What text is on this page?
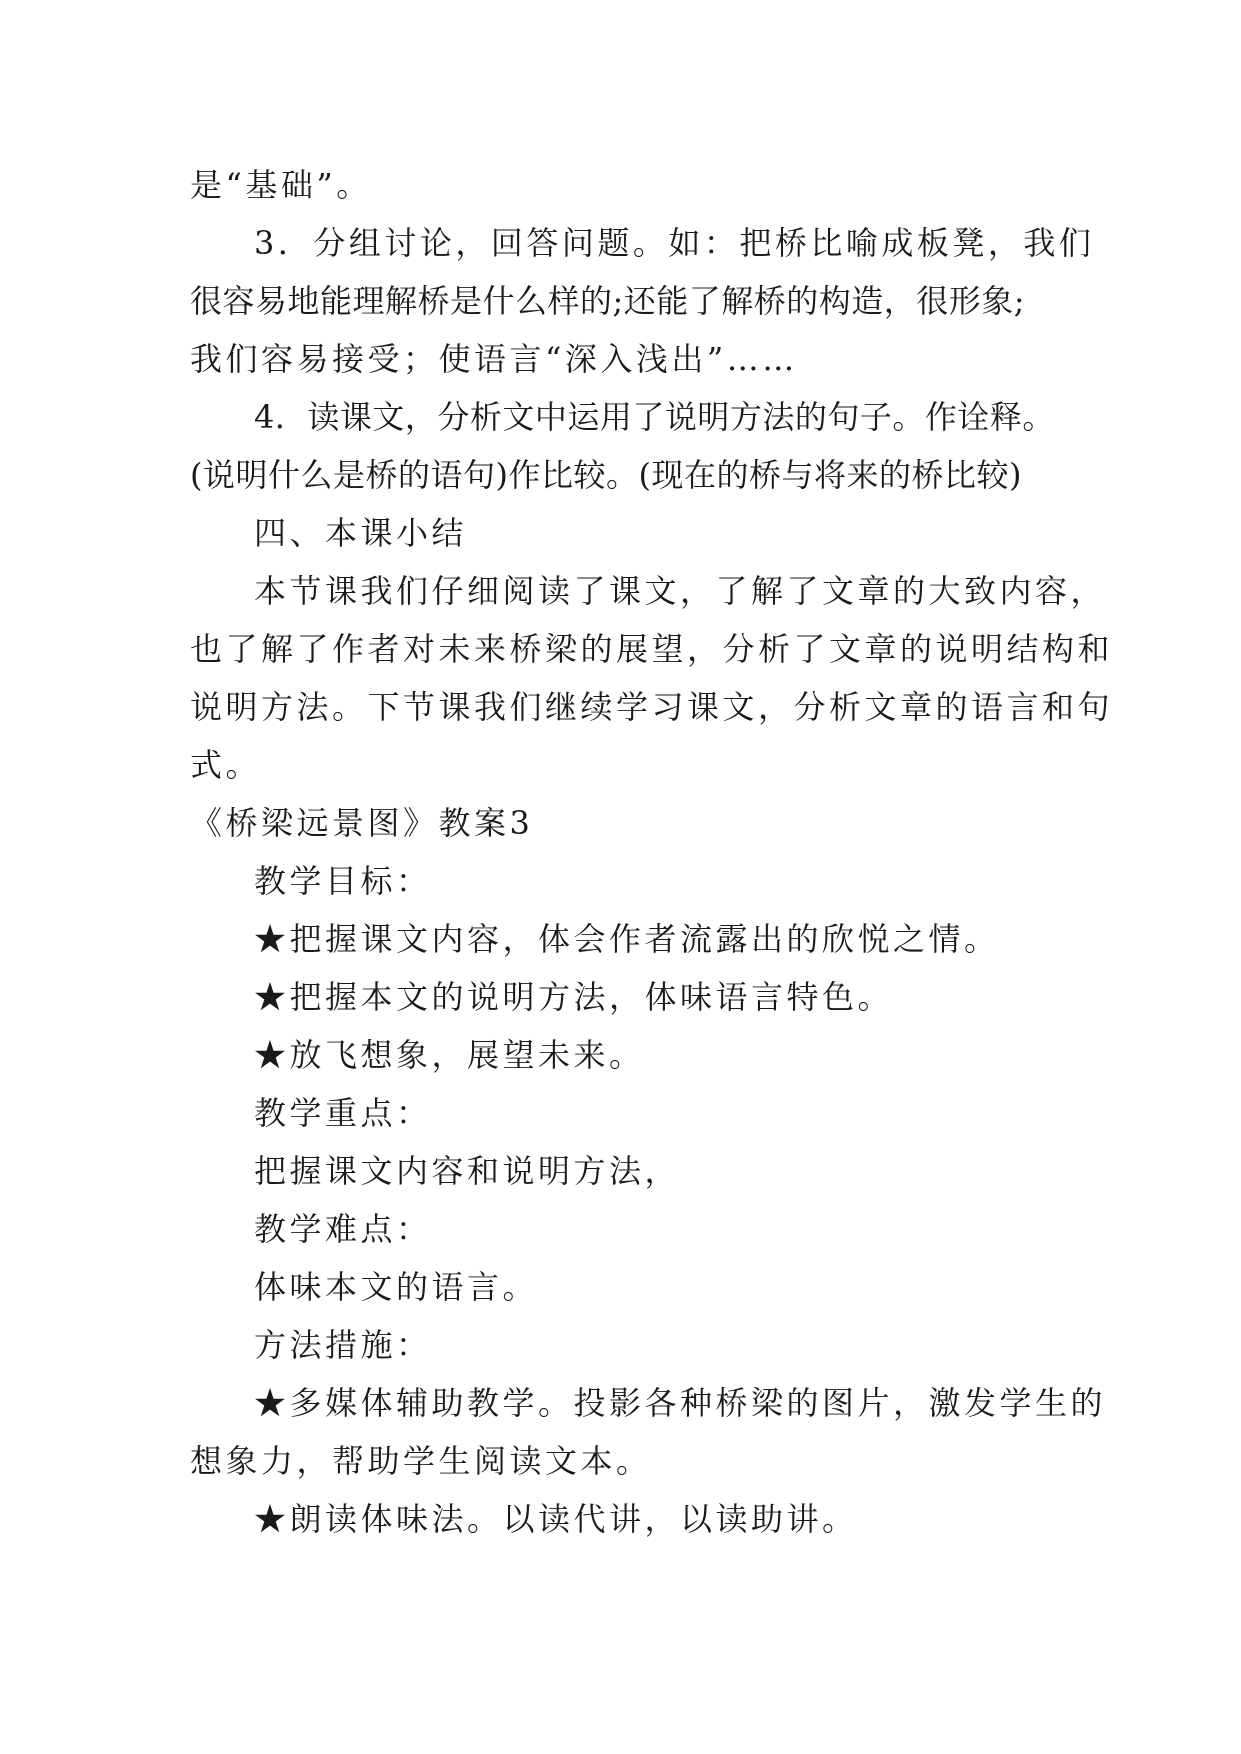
是“基础”。
3．分组讨论，回答问题。如：把桥比喻成板凳，我们
很容易地能理解桥是什么样的;还能了解桥的构造，很形象;
我们容易接受；使语言“深入浅出”……
4．读课文，分析文中运用了说明方法的句子。作诠释。
(说明什么是桥的语句)作比较。(现在的桥与将来的桥比较)
四、本课小结
本节课我们仔细阅读了课文，了解了文章的大致内容，
也了解了作者对未来桥梁的展望，分析了文章的说明结构和
说明方法。下节课我们继续学习课文，分析文章的语言和句
式。
《桥梁远景图》教案3
教学目标：
★把握课文内容，体会作者流露出的欣悦之情。
★把握本文的说明方法，体味语言特色。
★放飞想象，展望未来。
教学重点：
把握课文内容和说明方法，
教学难点：
体味本文的语言。
方法措施：
★多媒体辅助教学。投影各种桥梁的图片，激发学生的
想象力，帮助学生阅读文本。
★朗读体味法。以读代讲，以读助讲。
